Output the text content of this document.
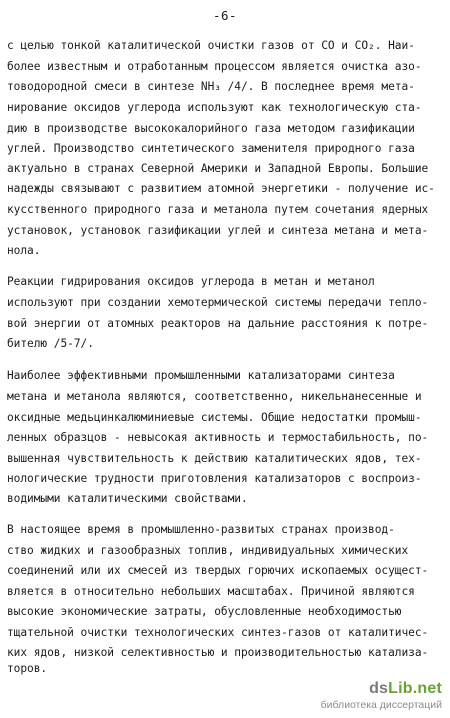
-6-
с целью тонкой каталитической очистки газов от СО и СО₂. Наи-
более известным и отработанным процессом является очистка азо-
товодородной смеси в синтезе NH₃ /4/. В последнее время мета-
нирование оксидов углерода используют как технологическую ста-
дию в производстве высококалорийного газа методом газификации
углей. Производство синтетического заменителя природного газа
актуально в странах Северной Америки и Западной Европы. Большие
надежды связывают с развитием атомной энергетики - получение ис-
кусственного природного газа и метанола путем сочетания ядерных
установок, установок газификации углей и синтеза метана и мета-
нола.
Реакции гидрирования оксидов углерода в метан и метанол
используют при создании хемотермической системы передачи тепло-
вой энергии от атомных реакторов на дальние расстояния к потре-
бителю /5-7/.
Наиболее эффективными промышленными катализаторами синтеза
метана и метанола являются, соответственно, никельнанесенные и
оксидные медьцинкалюминиевые системы. Общие недостатки промыш-
ленных образцов - невысокая активность и термостабильность, по-
вышенная чувствительность к действию каталитических ядов, тех-
нологические трудности приготовления катализаторов с воспроиз-
водимыми каталитическими свойствами.
В настоящее время в промышленно-развитых странах производ-
ство жидких и газообразных топлив, индивидуальных химических
соединений или их смесей из твердых горючих ископаемых осущест-
вляется в относительно небольших масштабах. Причиной являются
высокие экономические затраты, обусловленные необходимостью
тщательной очистки технологических синтез-газов от каталитичес-
ких ядов, низкой селективностью и производительностью катализа-
торов.
dsLib.net
библиотека диссертаций
